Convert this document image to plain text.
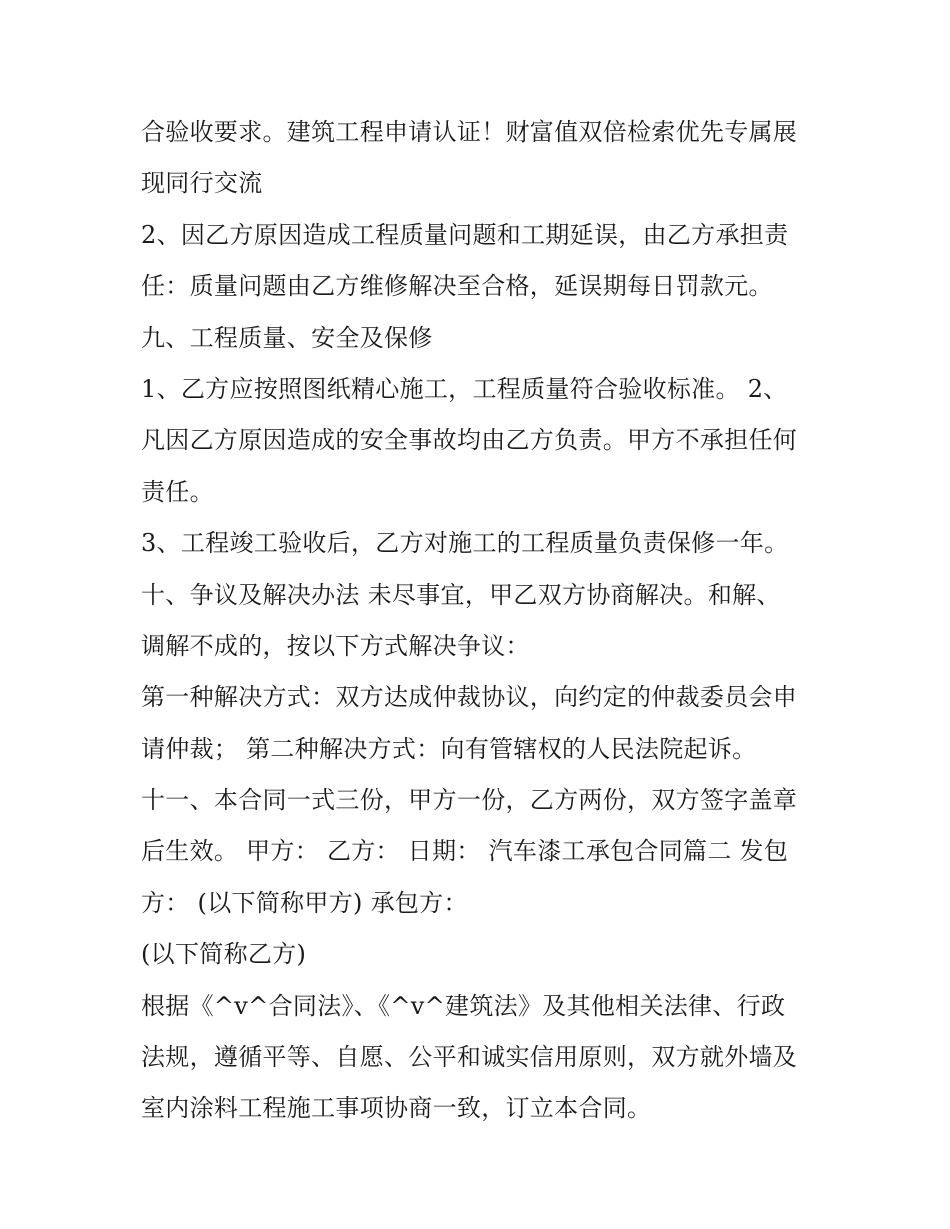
合验收要求。建筑工程申请认证！财富值双倍检索优先专属展
现同行交流
2、因乙方原因造成工程质量问题和工期延误，由乙方承担责
任：质量问题由乙方维修解决至合格，延误期每日罚款元。
九、工程质量、安全及保修
1、乙方应按照图纸精心施工，工程质量符合验收标准。 2、
凡因乙方原因造成的安全事故均由乙方负责。甲方不承担任何
责任。
3、工程竣工验收后，乙方对施工的工程质量负责保修一年。
十、争议及解决办法 未尽事宜，甲乙双方协商解决。和解、
调解不成的，按以下方式解决争议：
第一种解决方式：双方达成仲裁协议，向约定的仲裁委员会申
请仲裁； 第二种解决方式：向有管辖权的人民法院起诉。
十一、本合同一式三份，甲方一份，乙方两份，双方签字盖章
后生效。 甲方： 乙方： 日期： 汽车漆工承包合同篇二 发包
方： (以下简称甲方) 承包方：
(以下简称乙方)
根据《^v^合同法》、《^v^建筑法》及其他相关法律、行政
法规，遵循平等、自愿、公平和诚实信用原则，双方就外墙及
室内涂料工程施工事项协商一致，订立本合同。
